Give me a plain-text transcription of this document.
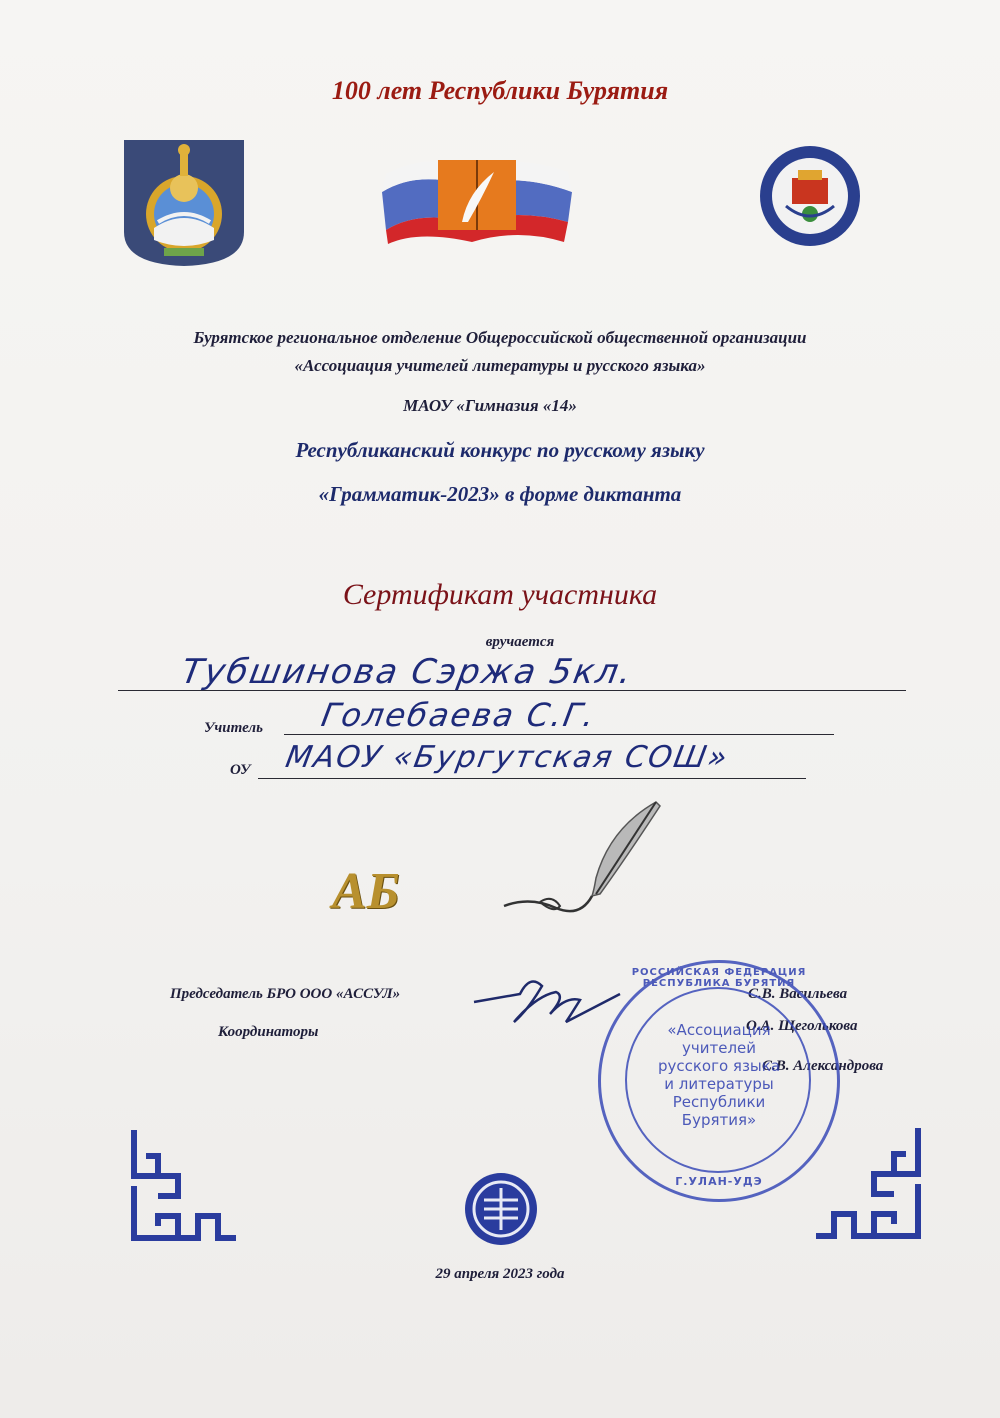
100 лет Республики Бурятия
Бурятское региональное отделение Общероссийской общественной организации
«Ассоциация учителей литературы и русского языка»
МАОУ «Гимназия «14»
Республиканский конкурс по русскому языку
«Грамматик-2023» в форме диктанта
Сертификат участника
вручается
Тубшинова Сэржа 5кл.
Учитель Голебаева С.Г.
ОУ МАОУ «Бургутская СОШ»
АБ
Председатель БРО ООО «АССУЛ»	С.В. Васильева
Координаторы	О.А. Щеголькова
С.В. Александрова
РОССИЙСКАЯ ФЕДЕРАЦИЯ РЕСПУБЛИКА БУРЯТИЯ
«Ассоциация
учителей
русского языка
и литературы
Республики
Бурятия»
Г.УЛАН-УДЭ
29 апреля 2023 года
